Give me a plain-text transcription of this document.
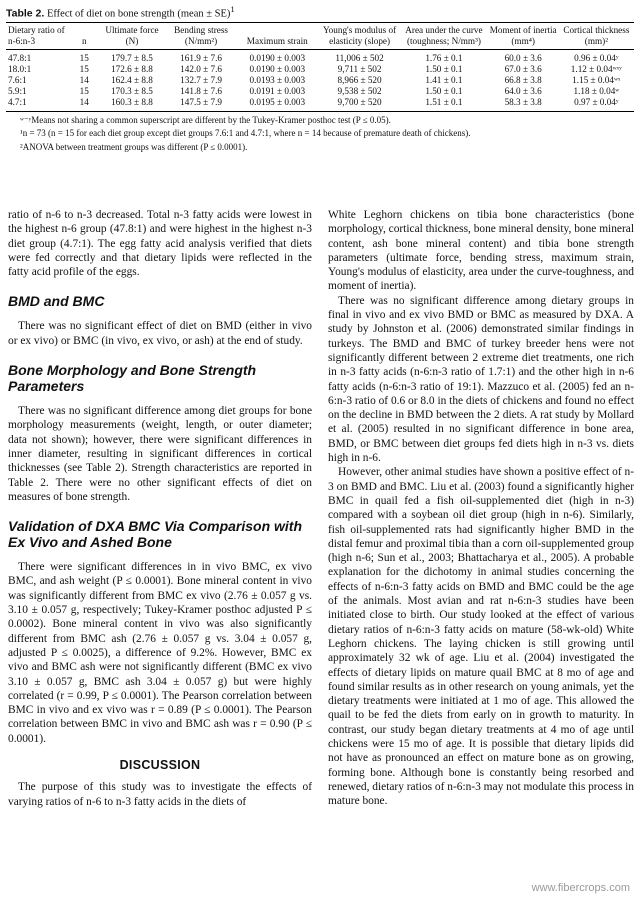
Table 2. Effect of diet on bone strength (mean ± SE)$^1$
Dietary ratio of n-6:n-3	n	Ultimate force (N)	Bending stress (N/mm²)	Maximum strain	Young's modulus of elasticity (slope)	Area under the curve (toughness; N/mm³)	Moment of inertia (mm⁴)	Cortical thickness (mm)²
47.8:1	15	179.7 ± 8.5	161.9 ± 7.6	0.0190 ± 0.003	11,006 ± 502	1.76 ± 0.1	60.0 ± 3.6	0.96 ± 0.04ʸ
18.0:1	15	172.6 ± 8.8	142.0 ± 7.6	0.0190 ± 0.003	9,711 ± 502	1.50 ± 0.1	67.0 ± 3.6	1.12 ± 0.04ʷˣʸ
7.6:1	14	162.4 ± 8.8	132.7 ± 7.9	0.0193 ± 0.003	8,966 ± 520	1.41 ± 0.1	66.8 ± 3.8	1.15 ± 0.04ʷˣ
5.9:1	15	170.3 ± 8.5	141.8 ± 7.6	0.0191 ± 0.003	9,538 ± 502	1.50 ± 0.1	64.0 ± 3.6	1.18 ± 0.04ʷ
4.7:1	14	160.3 ± 8.8	147.5 ± 7.9	0.0195 ± 0.003	9,700 ± 520	1.51 ± 0.1	58.3 ± 3.8	0.97 ± 0.04ʸ

ʷ⁻ʸMeans not sharing a common superscript are different by the Tukey-Kramer posthoc test (P ≤ 0.05).

¹n = 73 (n = 15 for each diet group except diet groups 7.6:1 and 4.7:1, where n = 14 because of premature death of chickens).

²ANOVA between treatment groups was different (P ≤ 0.0001).

ratio of n-6 to n-3 decreased. Total n-3 fatty acids were lowest in the highest n-6 group (47.8:1) and were highest in the highest n-3 diet group (4.7:1). The egg fatty acid analysis verified that diets were fed correctly and that dietary lipids were reflected in the fatty acid profile of the eggs.

BMD and BMC

There was no significant effect of diet on BMD (either in vivo or ex vivo) or BMC (in vivo, ex vivo, or ash) at the end of study.

Bone Morphology and Bone Strength Parameters

There was no significant difference among diet groups for bone morphology measurements (weight, length, or outer diameter; data not shown); however, there were significant differences in inner diameter, resulting in significant differences in cortical thicknesses (see Table 2). Strength characteristics are reported in Table 2. There were no other significant effects of diet on measures of bone strength.

Validation of DXA BMC Via Comparison with Ex Vivo and Ashed Bone

There were significant differences in in vivo BMC, ex vivo BMC, and ash weight (P ≤ 0.0001). Bone mineral content in vivo was significantly different from BMC ex vivo (2.76 ± 0.057 g vs. 3.10 ± 0.057 g, respectively; Tukey-Kramer posthoc adjusted P ≤ 0.0002). Bone mineral content in vivo was also significantly different from BMC ash (2.76 ± 0.057 g vs. 3.04 ± 0.057 g, adjusted P ≤ 0.0025), a difference of 9.2%. However, BMC ex vivo and BMC ash were not significantly different (BMC ex vivo 3.10 ± 0.057 g, BMC ash 3.04 ± 0.057 g) but were highly correlated (r = 0.99, P ≤ 0.0001). The Pearson correlation between BMC in vivo and ex vivo was r = 0.89 (P ≤ 0.0001). The Pearson correlation between BMC in vivo and BMC ash was r = 0.90 (P ≤ 0.0001).

DISCUSSION

The purpose of this study was to investigate the effects of varying ratios of n-6 to n-3 fatty acids in the diets of

White Leghorn chickens on tibia bone characteristics (bone morphology, cortical thickness, bone mineral density, bone mineral content, ash bone mineral content) and tibia bone strength parameters (ultimate force, bending stress, maximum strain, Young's modulus of elasticity, area under the curve-toughness, and moment of inertia).

There was no significant difference among dietary groups in final in vivo and ex vivo BMD or BMC as measured by DXA. A study by Johnston et al. (2006) demonstrated similar findings in turkeys. The BMD and BMC of turkey breeder hens were not significantly different between 2 extreme diet treatments, one rich in n-3 fatty acids (n-6:n-3 ratio of 1.7:1) and the other high in n-6 fatty acids (n-6:n-3 ratio of 19:1). Mazzuco et al. (2005) fed an n-6:n-3 ratio of 0.6 or 8.0 in the diets of chickens and found no effect on the decline in BMD between the 2 diets. A rat study by Mollard et al. (2005) resulted in no significant difference in bone area, BMD, or BMC between diet groups fed diets high in n-3 vs. diets high in n-6.

However, other animal studies have shown a positive effect of n-3 on BMD and BMC. Liu et al. (2003) found a significantly higher BMC in quail fed a fish oil-supplemented diet (high in n-3) compared with a soybean oil diet group (high in n-6). Similarly, fish oil-supplemented rats had significantly higher BMD in the distal femur and proximal tibia than a corn oil-supplemented group (high n-6; Sun et al., 2003; Bhattacharya et al., 2005). A probable explanation for the dichotomy in animal studies concerning the effects of n-6:n-3 fatty acids on BMD and BMC could be the age of the animals. Most avian and rat n-6:n-3 studies have been initiated close to birth. Our study looked at the effect of various dietary ratios of n-6:n-3 fatty acids on mature (58-wk-old) White Leghorn chickens. The laying chicken is still growing until approximately 32 wk of age. Liu et al. (2004) investigated the effects of dietary lipids on mature quail BMC at 8 mo of age and found similar results as in other research on young animals, yet the dietary treatments were initiated at 1 mo of age. This allowed the quail to be fed the diets from early on in growth to maturity. In contrast, our study began dietary treatments at 4 mo of age until chickens were 15 mo of age. It is possible that dietary lipids did not have as pronounced an effect on mature bone as on growing, forming bone. Although bone is constantly being resorbed and renewed, dietary ratios of n-6:n-3 may not modulate this process in mature bone.

www.fibercrops.com
